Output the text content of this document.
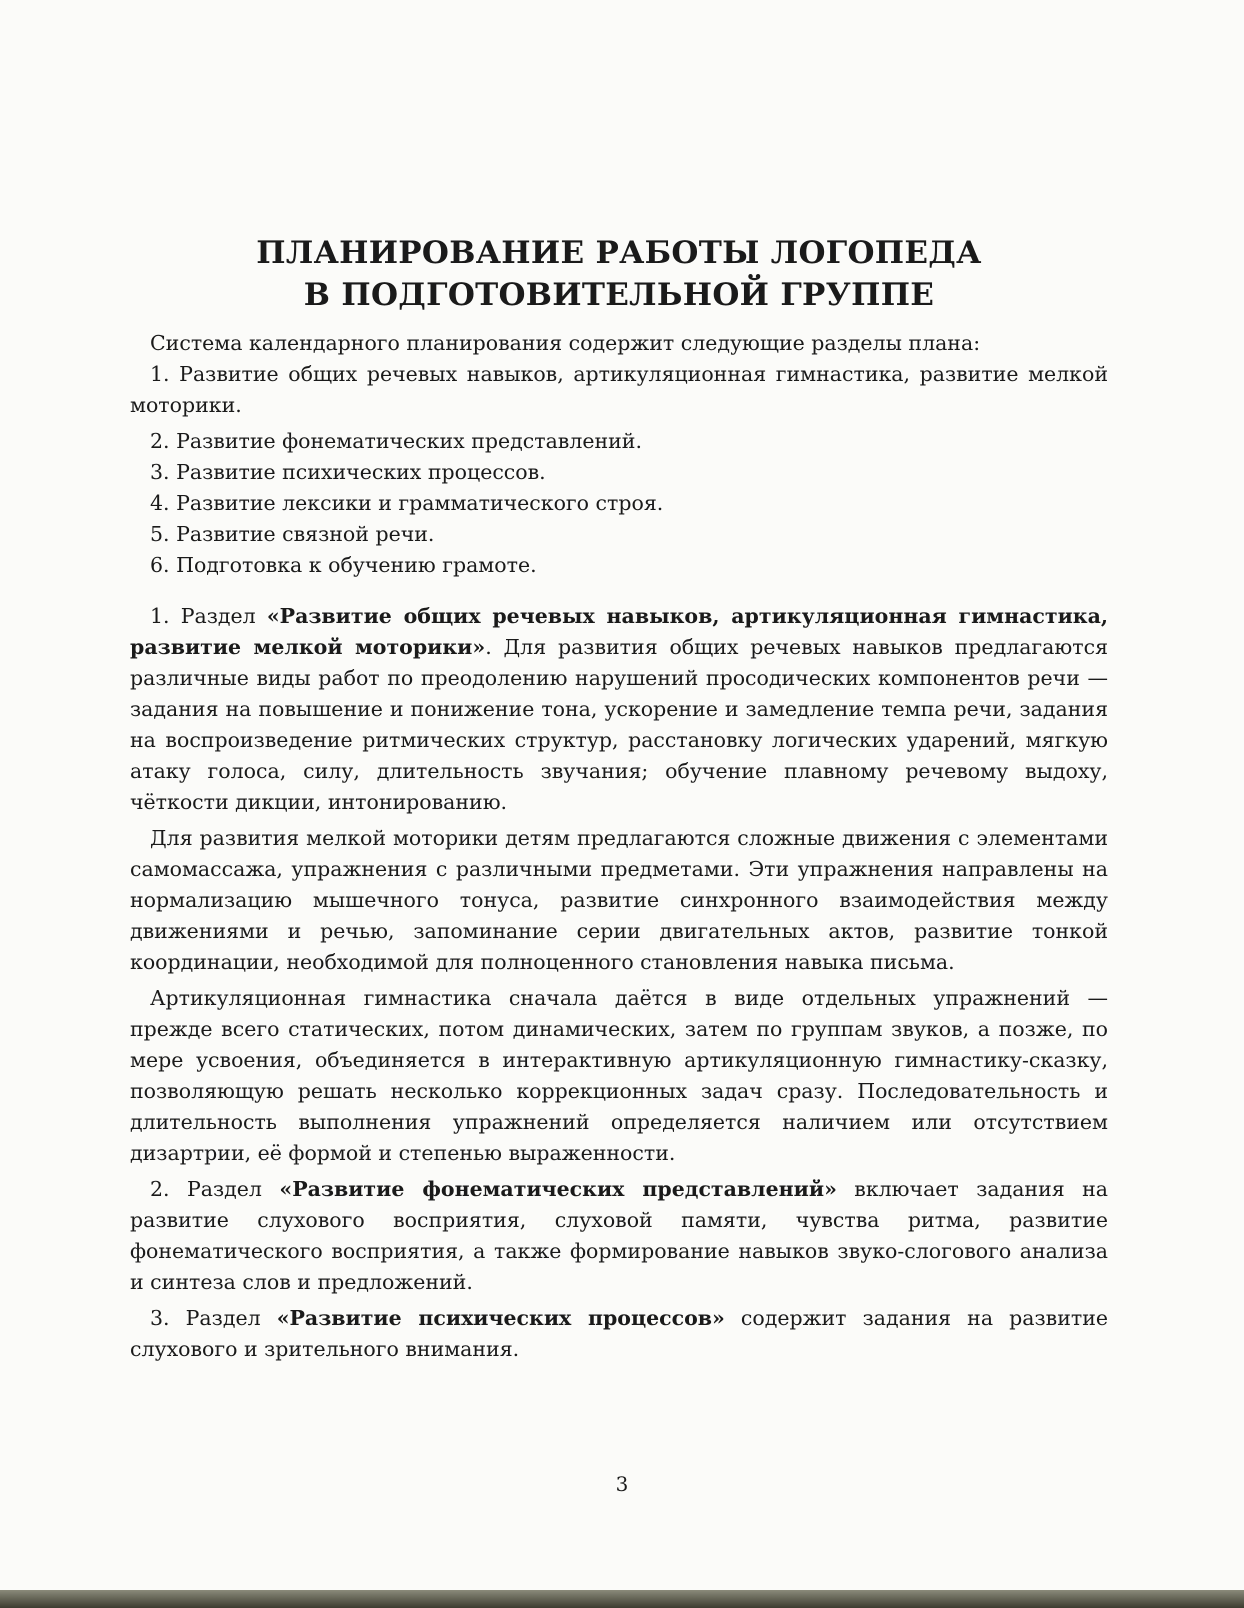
ПЛАНИРОВАНИЕ РАБОТЫ ЛОГОПЕДА
В ПОДГОТОВИТЕЛЬНОЙ ГРУППЕ

Система календарного планирования содержит следующие разделы плана:

1. Развитие общих речевых навыков, артикуляционная гимнастика, развитие мелкой моторики.

2. Развитие фонематических представлений.

3. Развитие психических процессов.

4. Развитие лексики и грамматического строя.

5. Развитие связной речи.

6. Подготовка к обучению грамоте.

1. Раздел «Развитие общих речевых навыков, артикуляционная гимнастика, развитие мелкой моторики». Для развития общих речевых навыков предлагаются различные виды работ по преодолению нарушений просодических компонентов речи — задания на повышение и понижение тона, ускорение и замедление темпа речи, задания на воспроизведение ритмических структур, расстановку логических ударений, мягкую атаку голоса, силу, длительность звучания; обучение плавному речевому выдоху, чёткости дикции, интонированию.

Для развития мелкой моторики детям предлагаются сложные движения с элементами самомассажа, упражнения с различными предметами. Эти упражнения направлены на нормализацию мышечного тонуса, развитие синхронного взаимодействия между движениями и речью, запоминание серии двигательных актов, развитие тонкой координации, необходимой для полноценного становления навыка письма.

Артикуляционная гимнастика сначала даётся в виде отдельных упражнений — прежде всего статических, потом динамических, затем по группам звуков, а позже, по мере усвоения, объединяется в интерактивную артикуляционную гимнастику-сказку, позволяющую решать несколько коррекционных задач сразу. Последовательность и длительность выполнения упражнений определяется наличием или отсутствием дизартрии, её формой и степенью выраженности.

2. Раздел «Развитие фонематических представлений» включает задания на развитие слухового восприятия, слуховой памяти, чувства ритма, развитие фонематического восприятия, а также формирование навыков звуко-слогового анализа и синтеза слов и предложений.

3. Раздел «Развитие психических процессов» содержит задания на развитие слухового и зрительного внимания.

3
